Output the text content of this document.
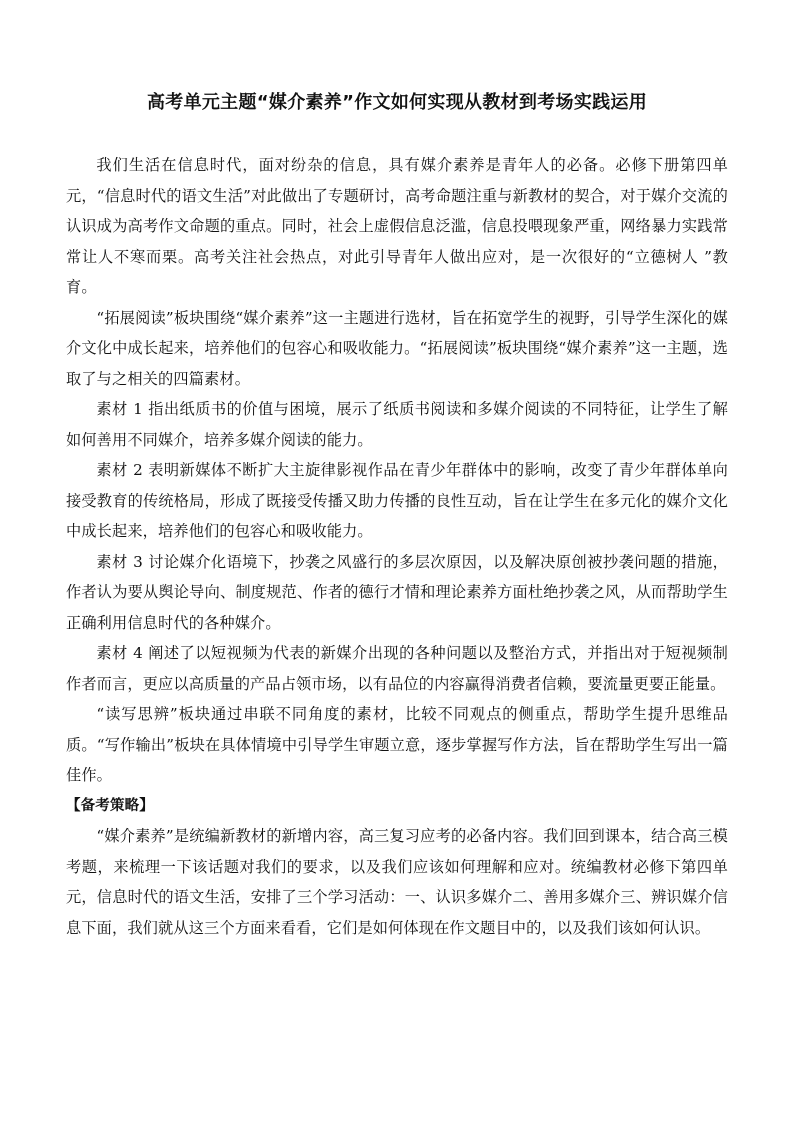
高考单元主题“媒介素养”作文如何实现从教材到考场实践运用

我们生活在信息时代，面对纷杂的信息，具有媒介素养是青年人的必备。必修下册第四单元，“信息时代的语文生活”对此做出了专题研讨，高考命题注重与新教材的契合，对于媒介交流的认识成为高考作文命题的重点。同时，社会上虚假信息泛滥，信息投喂现象严重，网络暴力实践常常让人不寒而栗。高考关注社会热点，对此引导青年人做出应对，是一次很好的“立德树人 ”教育。

“拓展阅读”板块围绕“媒介素养”这一主题进行选材，旨在拓宽学生的视野，引导学生深化的媒介文化中成长起来，培养他们的包容心和吸收能力。“拓展阅读”板块围绕“媒介素养”这一主题，选取了与之相关的四篇素材。

素材 1 指出纸质书的价值与困境，展示了纸质书阅读和多媒介阅读的不同特征，让学生了解如何善用不同媒介，培养多媒介阅读的能力。

素材 2 表明新媒体不断扩大主旋律影视作品在青少年群体中的影响，改变了青少年群体单向接受教育的传统格局，形成了既接受传播又助力传播的良性互动，旨在让学生在多元化的媒介文化中成长起来，培养他们的包容心和吸收能力。

素材 3 讨论媒介化语境下，抄袭之风盛行的多层次原因，以及解决原创被抄袭问题的措施，作者认为要从舆论导向、制度规范、作者的德行才情和理论素养方面杜绝抄袭之风，从而帮助学生正确利用信息时代的各种媒介。

素材 4 阐述了以短视频为代表的新媒介出现的各种问题以及整治方式，并指出对于短视频制作者而言，更应以高质量的产品占领市场，以有品位的内容赢得消费者信赖，要流量更要正能量。

“读写思辨”板块通过串联不同角度的素材，比较不同观点的侧重点，帮助学生提升思维品质。“写作输出”板块在具体情境中引导学生审题立意，逐步掌握写作方法，旨在帮助学生写出一篇佳作。

【备考策略】

“媒介素养”是统编新教材的新增内容，高三复习应考的必备内容。我们回到课本，结合高三模考题，来梳理一下该话题对我们的要求，以及我们应该如何理解和应对。统编教材必修下第四单元，信息时代的语文生活，安排了三个学习活动：一、认识多媒介二、善用多媒介三、辨识媒介信息下面，我们就从这三个方面来看看，它们是如何体现在作文题目中的，以及我们该如何认识。
